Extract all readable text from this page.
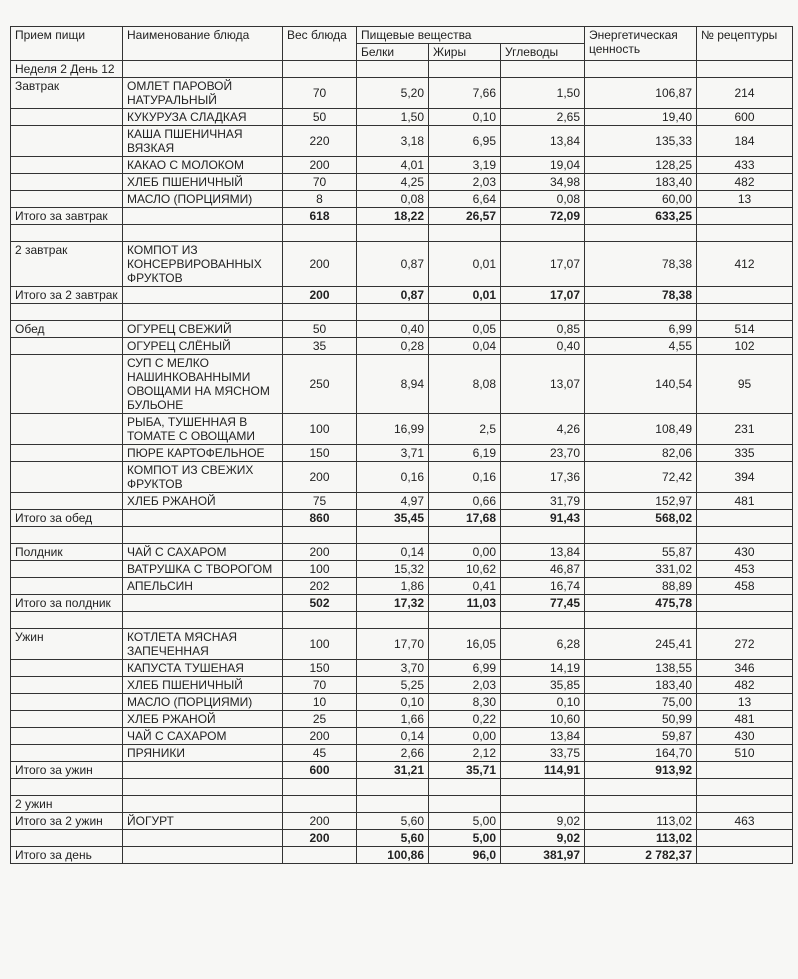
Прием пищи	Наименование блюда	Вес блюда	Пищевые вещества			Энергетическая ценность	№ рецептуры
			Белки	Жиры	Углеводы		
Неделя 2 День 12							
Завтрак	ОМЛЕТ ПАРОВОЙ НАТУРАЛЬНЫЙ	70	5,20	7,66	1,50	106,87	214
	КУКУРУЗА СЛАДКАЯ	50	1,50	0,10	2,65	19,40	600
	КАША ПШЕНИЧНАЯ ВЯЗКАЯ	220	3,18	6,95	13,84	135,33	184
	КАКАО С МОЛОКОМ	200	4,01	3,19	19,04	128,25	433
	ХЛЕБ ПШЕНИЧНЫЙ	70	4,25	2,03	34,98	183,40	482
	МАСЛО (ПОРЦИЯМИ)	8	0,08	6,64	0,08	60,00	13
Итого за завтрак		618	18,22	26,57	72,09	633,25	

2 завтрак	КОМПОТ ИЗ КОНСЕРВИРОВАННЫХ ФРУКТОВ	200	0,87	0,01	17,07	78,38	412
Итого за 2 завтрак		200	0,87	0,01	17,07	78,38	

Обед	ОГУРЕЦ СВЕЖИЙ	50	0,40	0,05	0,85	6,99	514
	ОГУРЕЦ СЛЁНЫЙ	35	0,28	0,04	0,40	4,55	102
	СУП С МЕЛКО НАШИНКОВАННЫМИ ОВОЩАМИ НА МЯСНОМ БУЛЬОНЕ	250	8,94	8,08	13,07	140,54	95
	РЫБА, ТУШЕННАЯ В ТОМАТЕ С ОВОЩАМИ	100	16,99	2,5	4,26	108,49	231
	ПЮРЕ КАРТОФЕЛЬНОЕ	150	3,71	6,19	23,70	82,06	335
	КОМПОТ ИЗ СВЕЖИХ ФРУКТОВ	200	0,16	0,16	17,36	72,42	394
	ХЛЕБ РЖАНОЙ	75	4,97	0,66	31,79	152,97	481
Итого за обед		860	35,45	17,68	91,43	568,02	

Полдник	ЧАЙ С САХАРОМ	200	0,14	0,00	13,84	55,87	430
	ВАТРУШКА С ТВОРОГОМ	100	15,32	10,62	46,87	331,02	453
	АПЕЛЬСИН	202	1,86	0,41	16,74	88,89	458
Итого за полдник		502	17,32	11,03	77,45	475,78	

Ужин	КОТЛЕТА МЯСНАЯ ЗАПЕЧЕННАЯ	100	17,70	16,05	6,28	245,41	272
	КАПУСТА ТУШЕНАЯ	150	3,70	6,99	14,19	138,55	346
	ХЛЕБ ПШЕНИЧНЫЙ	70	5,25	2,03	35,85	183,40	482
	МАСЛО (ПОРЦИЯМИ)	10	0,10	8,30	0,10	75,00	13
	ХЛЕБ РЖАНОЙ	25	1,66	0,22	10,60	50,99	481
	ЧАЙ С САХАРОМ	200	0,14	0,00	13,84	59,87	430
	ПРЯНИКИ	45	2,66	2,12	33,75	164,70	510
Итого за ужин		600	31,21	35,71	114,91	913,92	

2 ужин							
Итого за 2 ужин	ЙОГУРТ	200	5,60	5,00	9,02	113,02	463
		200	5,60	5,00	9,02	113,02	
Итого за день			100,86	96,0	381,97	2 782,37	
